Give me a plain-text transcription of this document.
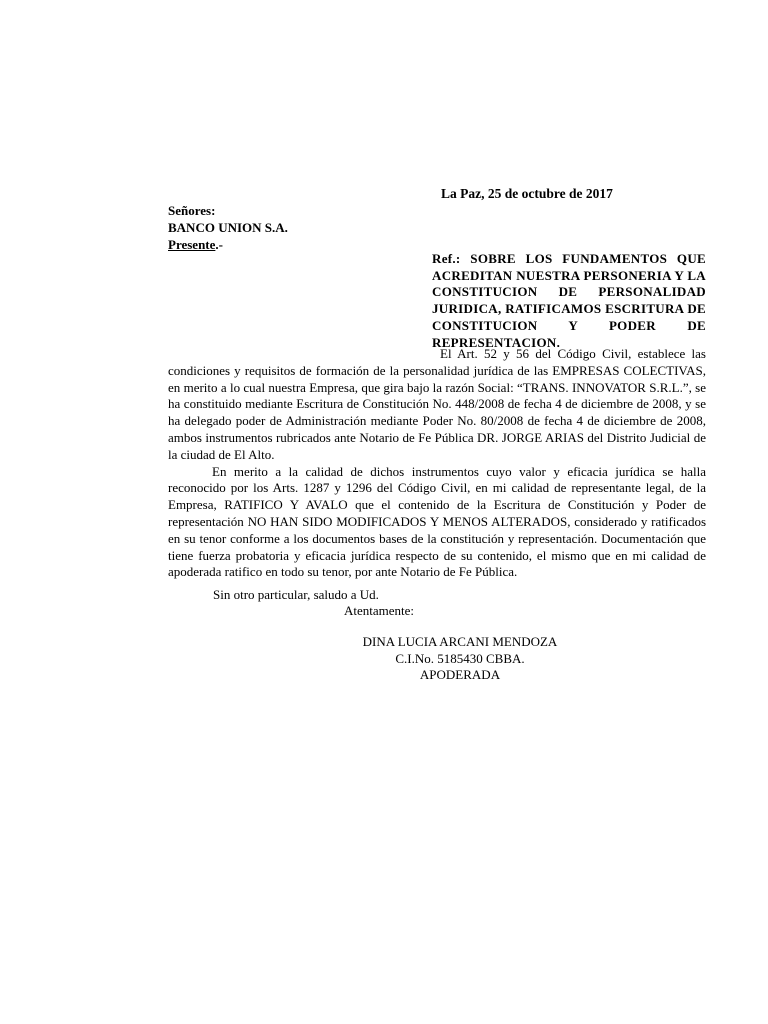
La Paz, 25 de octubre de 2017
Señores:
BANCO UNION S.A.
Presente.-
Ref.: SOBRE LOS FUNDAMENTOS QUE ACREDITAN NUESTRA PERSONERIA Y LA CONSTITUCION DE PERSONALIDAD JURIDICA, RATIFICAMOS ESCRITURA DE CONSTITUCION Y PODER DE REPRESENTACION.

El Art. 52 y 56 del Código Civil, establece las condiciones y requisitos de formación de la personalidad jurídica de las EMPRESAS COLECTIVAS, en merito a lo cual nuestra Empresa, que gira bajo la razón Social: “TRANS. INNOVATOR S.R.L.”, se ha constituido mediante Escritura de Constitución No. 448/2008 de fecha 4 de diciembre de 2008, y se ha delegado poder de Administración mediante Poder No. 80/2008 de fecha 4 de diciembre de 2008, ambos instrumentos rubricados ante Notario de Fe Pública DR. JORGE ARIAS del Distrito Judicial de la ciudad de El Alto.

En merito a la calidad de dichos instrumentos cuyo valor y eficacia jurídica se halla reconocido por los Arts. 1287 y 1296 del Código Civil, en mi calidad de representante legal, de la Empresa, RATIFICO Y AVALO que el contenido de la Escritura de Constitución y Poder de representación NO HAN SIDO MODIFICADOS Y MENOS ALTERADOS, considerado y ratificados en su tenor conforme a los documentos bases de la constitución y representación. Documentación que tiene fuerza probatoria y eficacia jurídica respecto de su contenido, el mismo que en mi calidad de apoderada ratifico en todo su tenor, por ante Notario de Fe Pública.

Sin otro particular, saludo a Ud.
Atentamente:
DINA LUCIA ARCANI MENDOZA
C.I.No. 5185430 CBBA.
APODERADA
